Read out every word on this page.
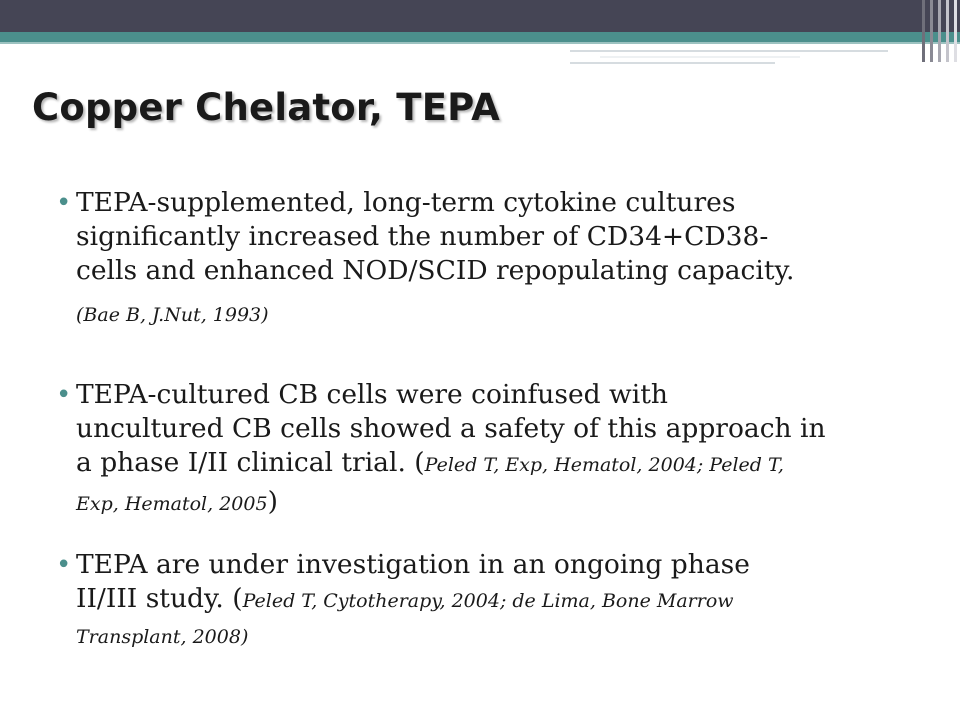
Copper Chelator, TEPA
• TEPA-supplemented, long-term cytokine cultures
significantly increased the number of CD34+CD38-
cells and enhanced NOD/SCID repopulating capacity.
(Bae B, J.Nut, 1993)
• TEPA-cultured CB cells were coinfused with
uncultured CB cells showed a safety of this approach in
a phase I/II clinical trial. (Peled T, Exp, Hematol, 2004; Peled T,
Exp, Hematol, 2005)
• TEPA are under investigation in an ongoing phase
II/III study. (Peled T, Cytotherapy, 2004; de Lima, Bone Marrow
Transplant, 2008)
